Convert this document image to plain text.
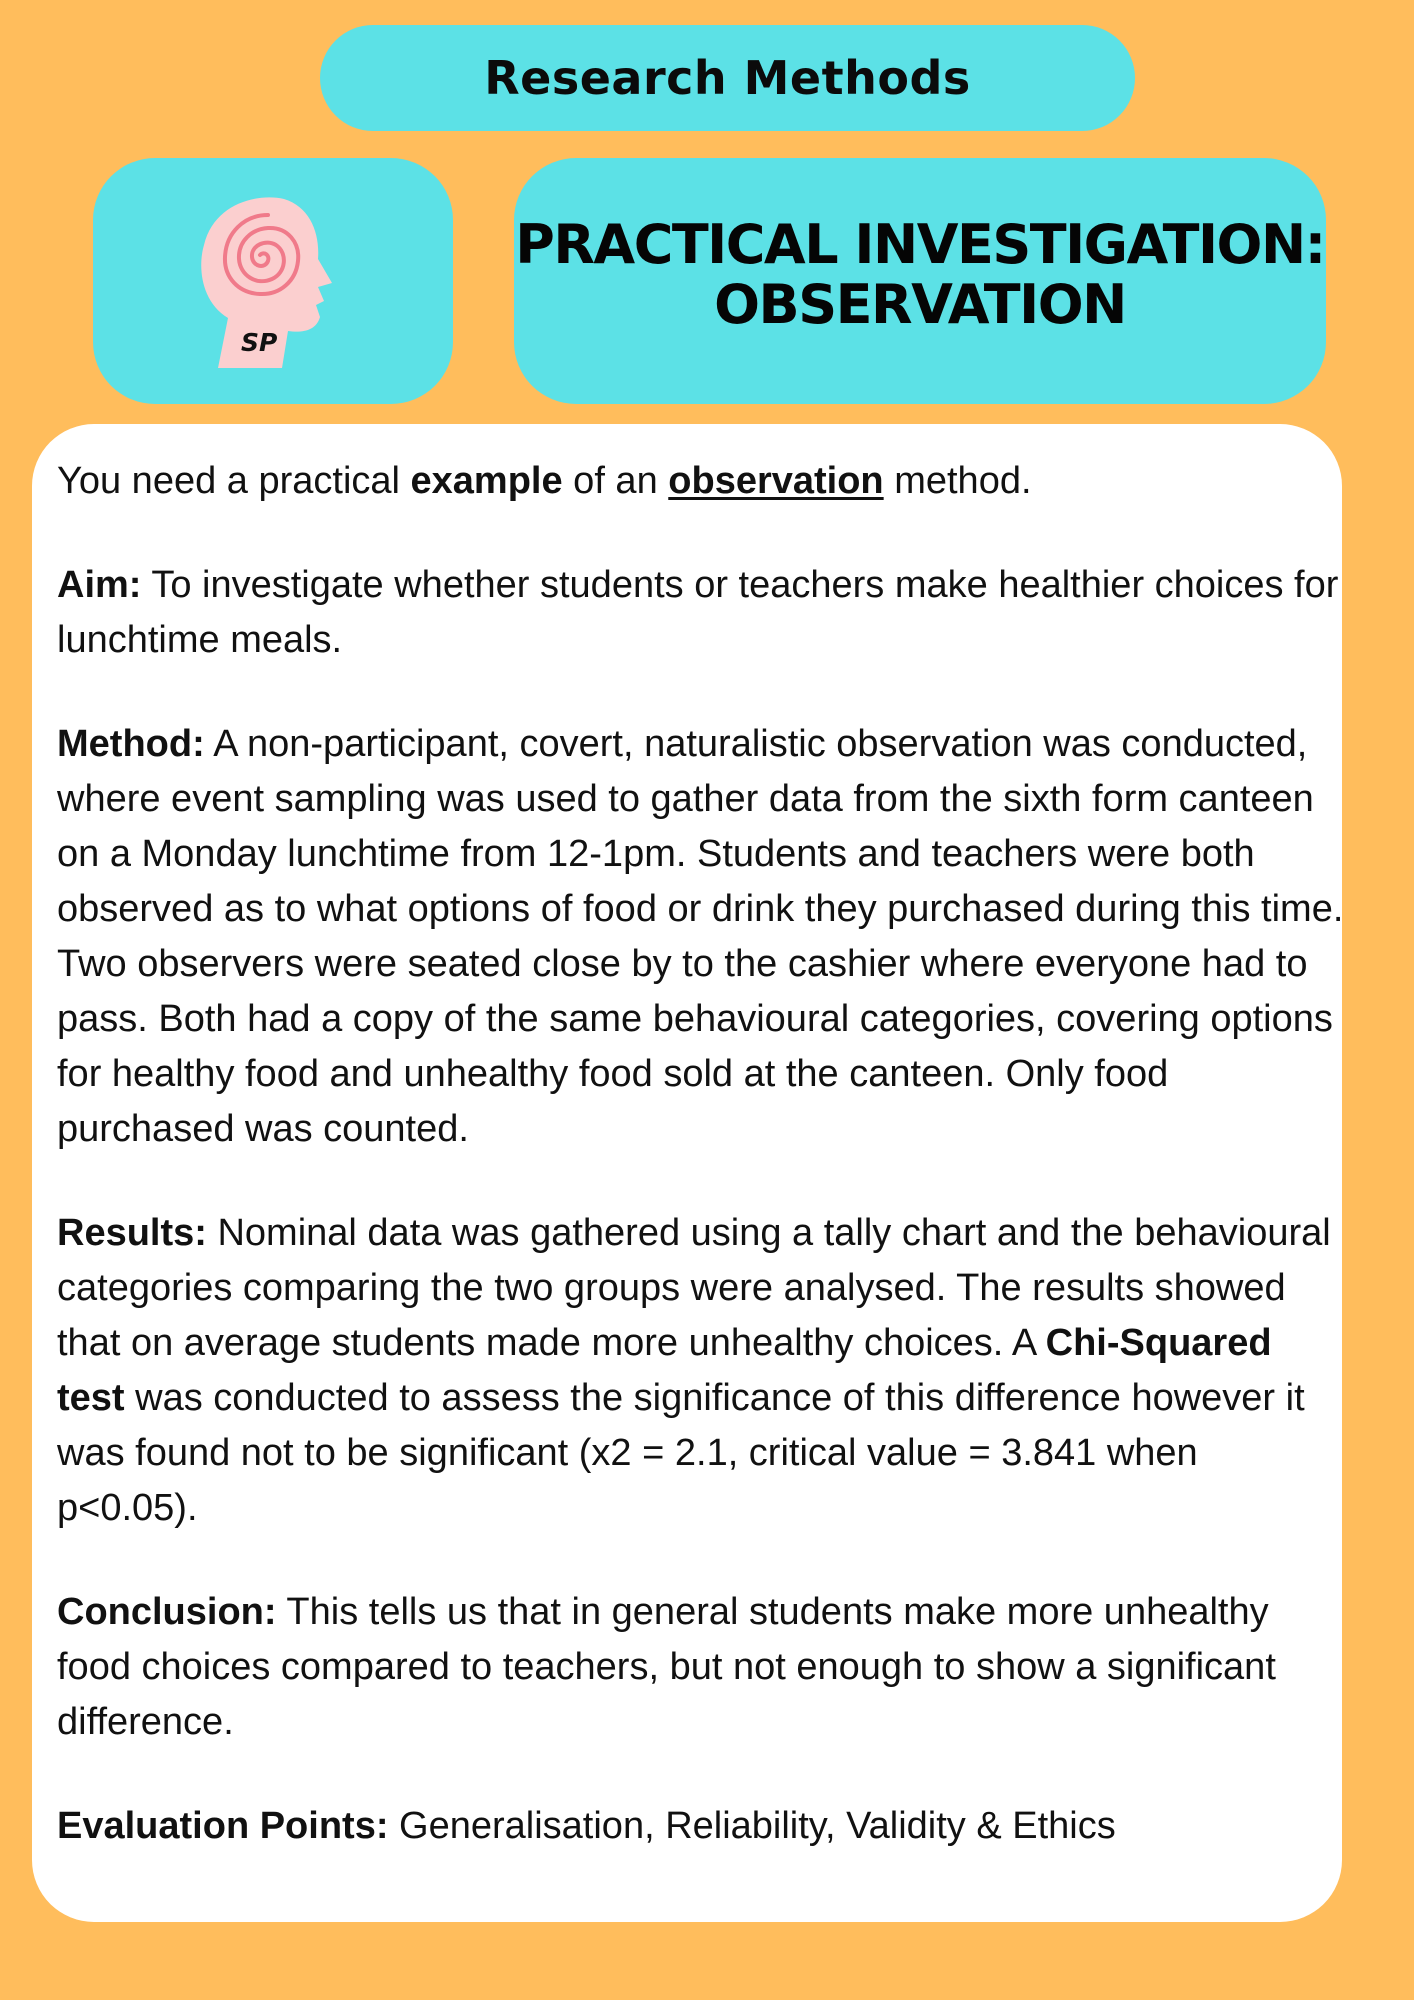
Research Methods
SP
PRACTICAL INVESTIGATION:
OBSERVATION

You need a practical example of an observation method.

Aim: To investigate whether students or teachers make healthier choices for lunchtime meals.

Method: A non-participant, covert, naturalistic observation was conducted, where event sampling was used to gather data from the sixth form canteen on a Monday lunchtime from 12-1pm. Students and teachers were both observed as to what options of food or drink they purchased during this time. Two observers were seated close by to the cashier where everyone had to pass. Both had a copy of the same behavioural categories, covering options for healthy food and unhealthy food sold at the canteen. Only food purchased was counted.

Results: Nominal data was gathered using a tally chart and the behavioural categories comparing the two groups were analysed. The results showed that on average students made more unhealthy choices. A Chi-Squared test was conducted to assess the significance of this difference however it was found not to be significant (x2 = 2.1, critical value = 3.841 when p<0.05).

Conclusion: This tells us that in general students make more unhealthy food choices compared to teachers, but not enough to show a significant difference.

Evaluation Points: Generalisation, Reliability, Validity & Ethics
